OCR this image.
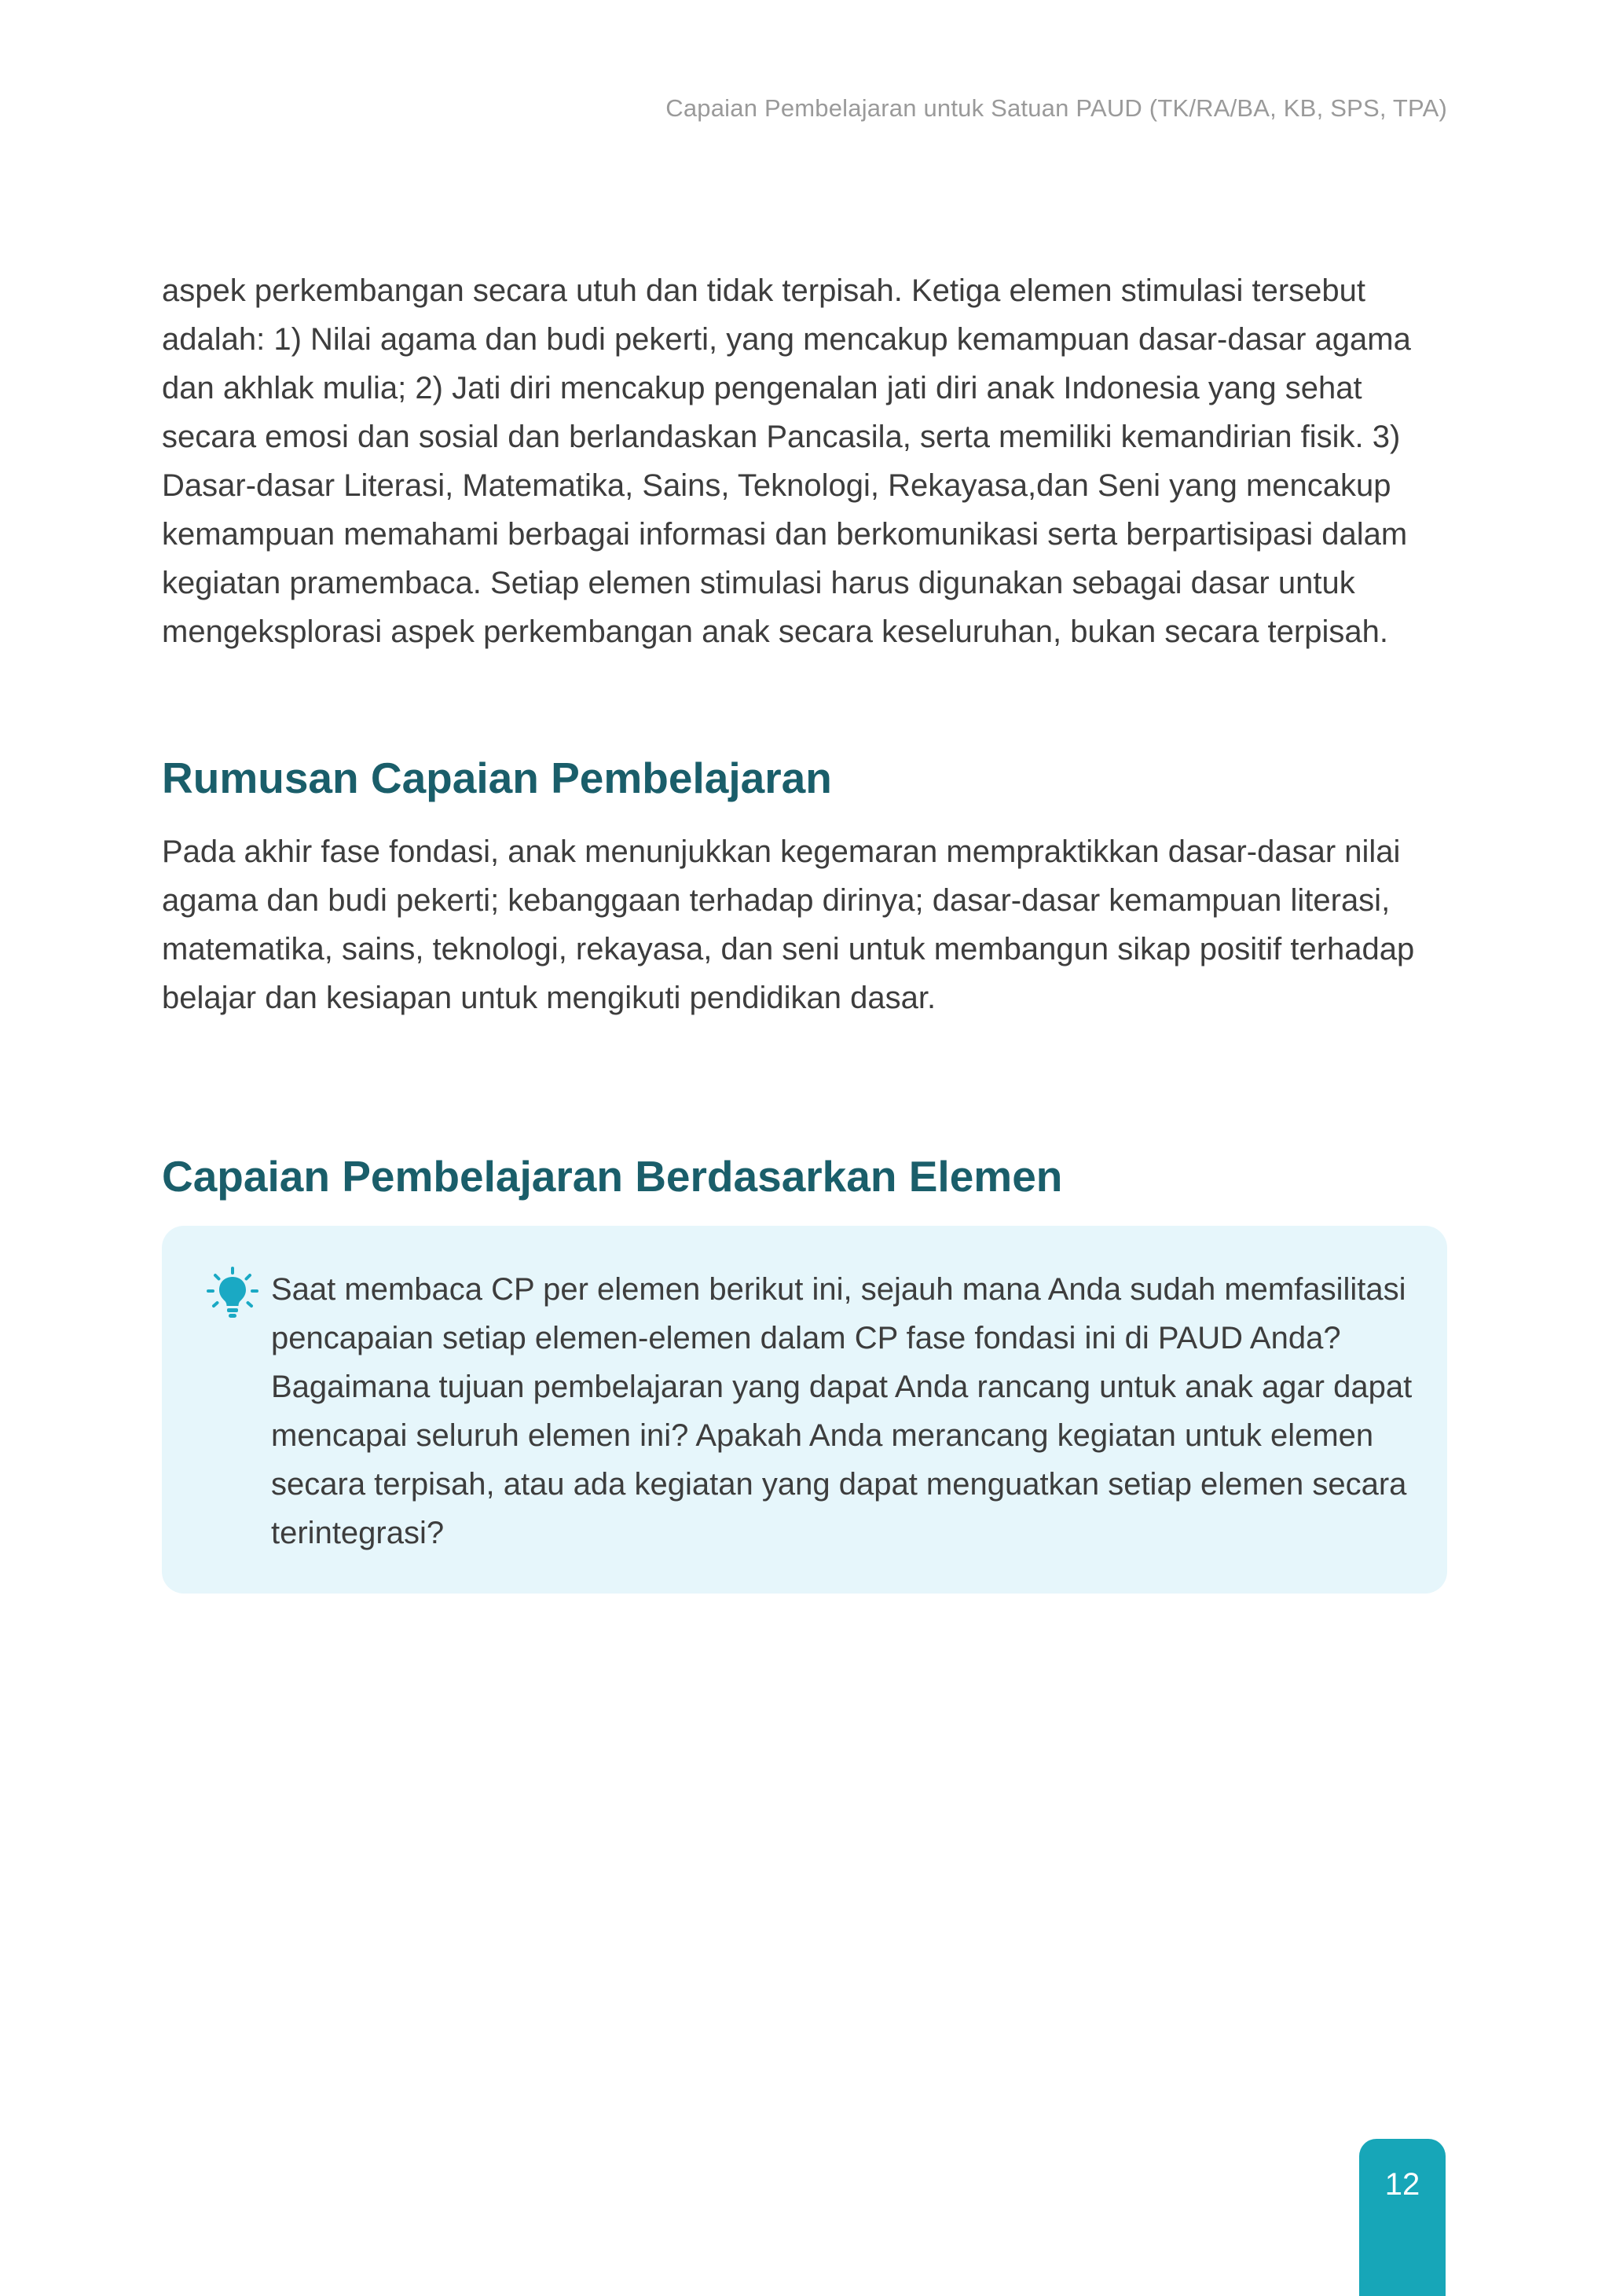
Capaian Pembelajaran untuk Satuan PAUD (TK/RA/BA, KB, SPS, TPA)

aspek perkembangan secara utuh dan tidak terpisah. Ketiga elemen stimulasi tersebut adalah: 1) Nilai agama dan budi pekerti, yang mencakup kemampuan dasar-dasar agama dan akhlak mulia; 2) Jati diri mencakup pengenalan jati diri anak Indonesia yang sehat secara emosi dan sosial dan berlandaskan Pancasila, serta memiliki kemandirian fisik. 3) Dasar-dasar Literasi, Matematika, Sains, Teknologi, Rekayasa,dan Seni yang mencakup kemampuan memahami berbagai informasi dan berkomunikasi serta berpartisipasi dalam kegiatan pramembaca. Setiap elemen stimulasi harus digunakan sebagai dasar untuk mengeksplorasi aspek perkembangan anak secara keseluruhan, bukan secara terpisah.

Rumusan Capaian Pembelajaran

Pada akhir fase fondasi, anak menunjukkan kegemaran mempraktikkan dasar-dasar nilai agama dan budi pekerti; kebanggaan terhadap dirinya; dasar-dasar kemampuan literasi, matematika, sains, teknologi, rekayasa, dan seni untuk membangun sikap positif terhadap belajar dan kesiapan untuk mengikuti pendidikan dasar.

Capaian Pembelajaran Berdasarkan Elemen

Saat membaca CP per elemen berikut ini, sejauh mana Anda sudah memfasilitasi pencapaian setiap elemen-elemen dalam CP fase fondasi ini di PAUD Anda? Bagaimana tujuan pembelajaran yang dapat Anda rancang untuk anak agar dapat mencapai seluruh elemen ini? Apakah Anda merancang kegiatan untuk elemen secara terpisah, atau ada kegiatan yang dapat menguatkan setiap elemen secara terintegrasi?

12
